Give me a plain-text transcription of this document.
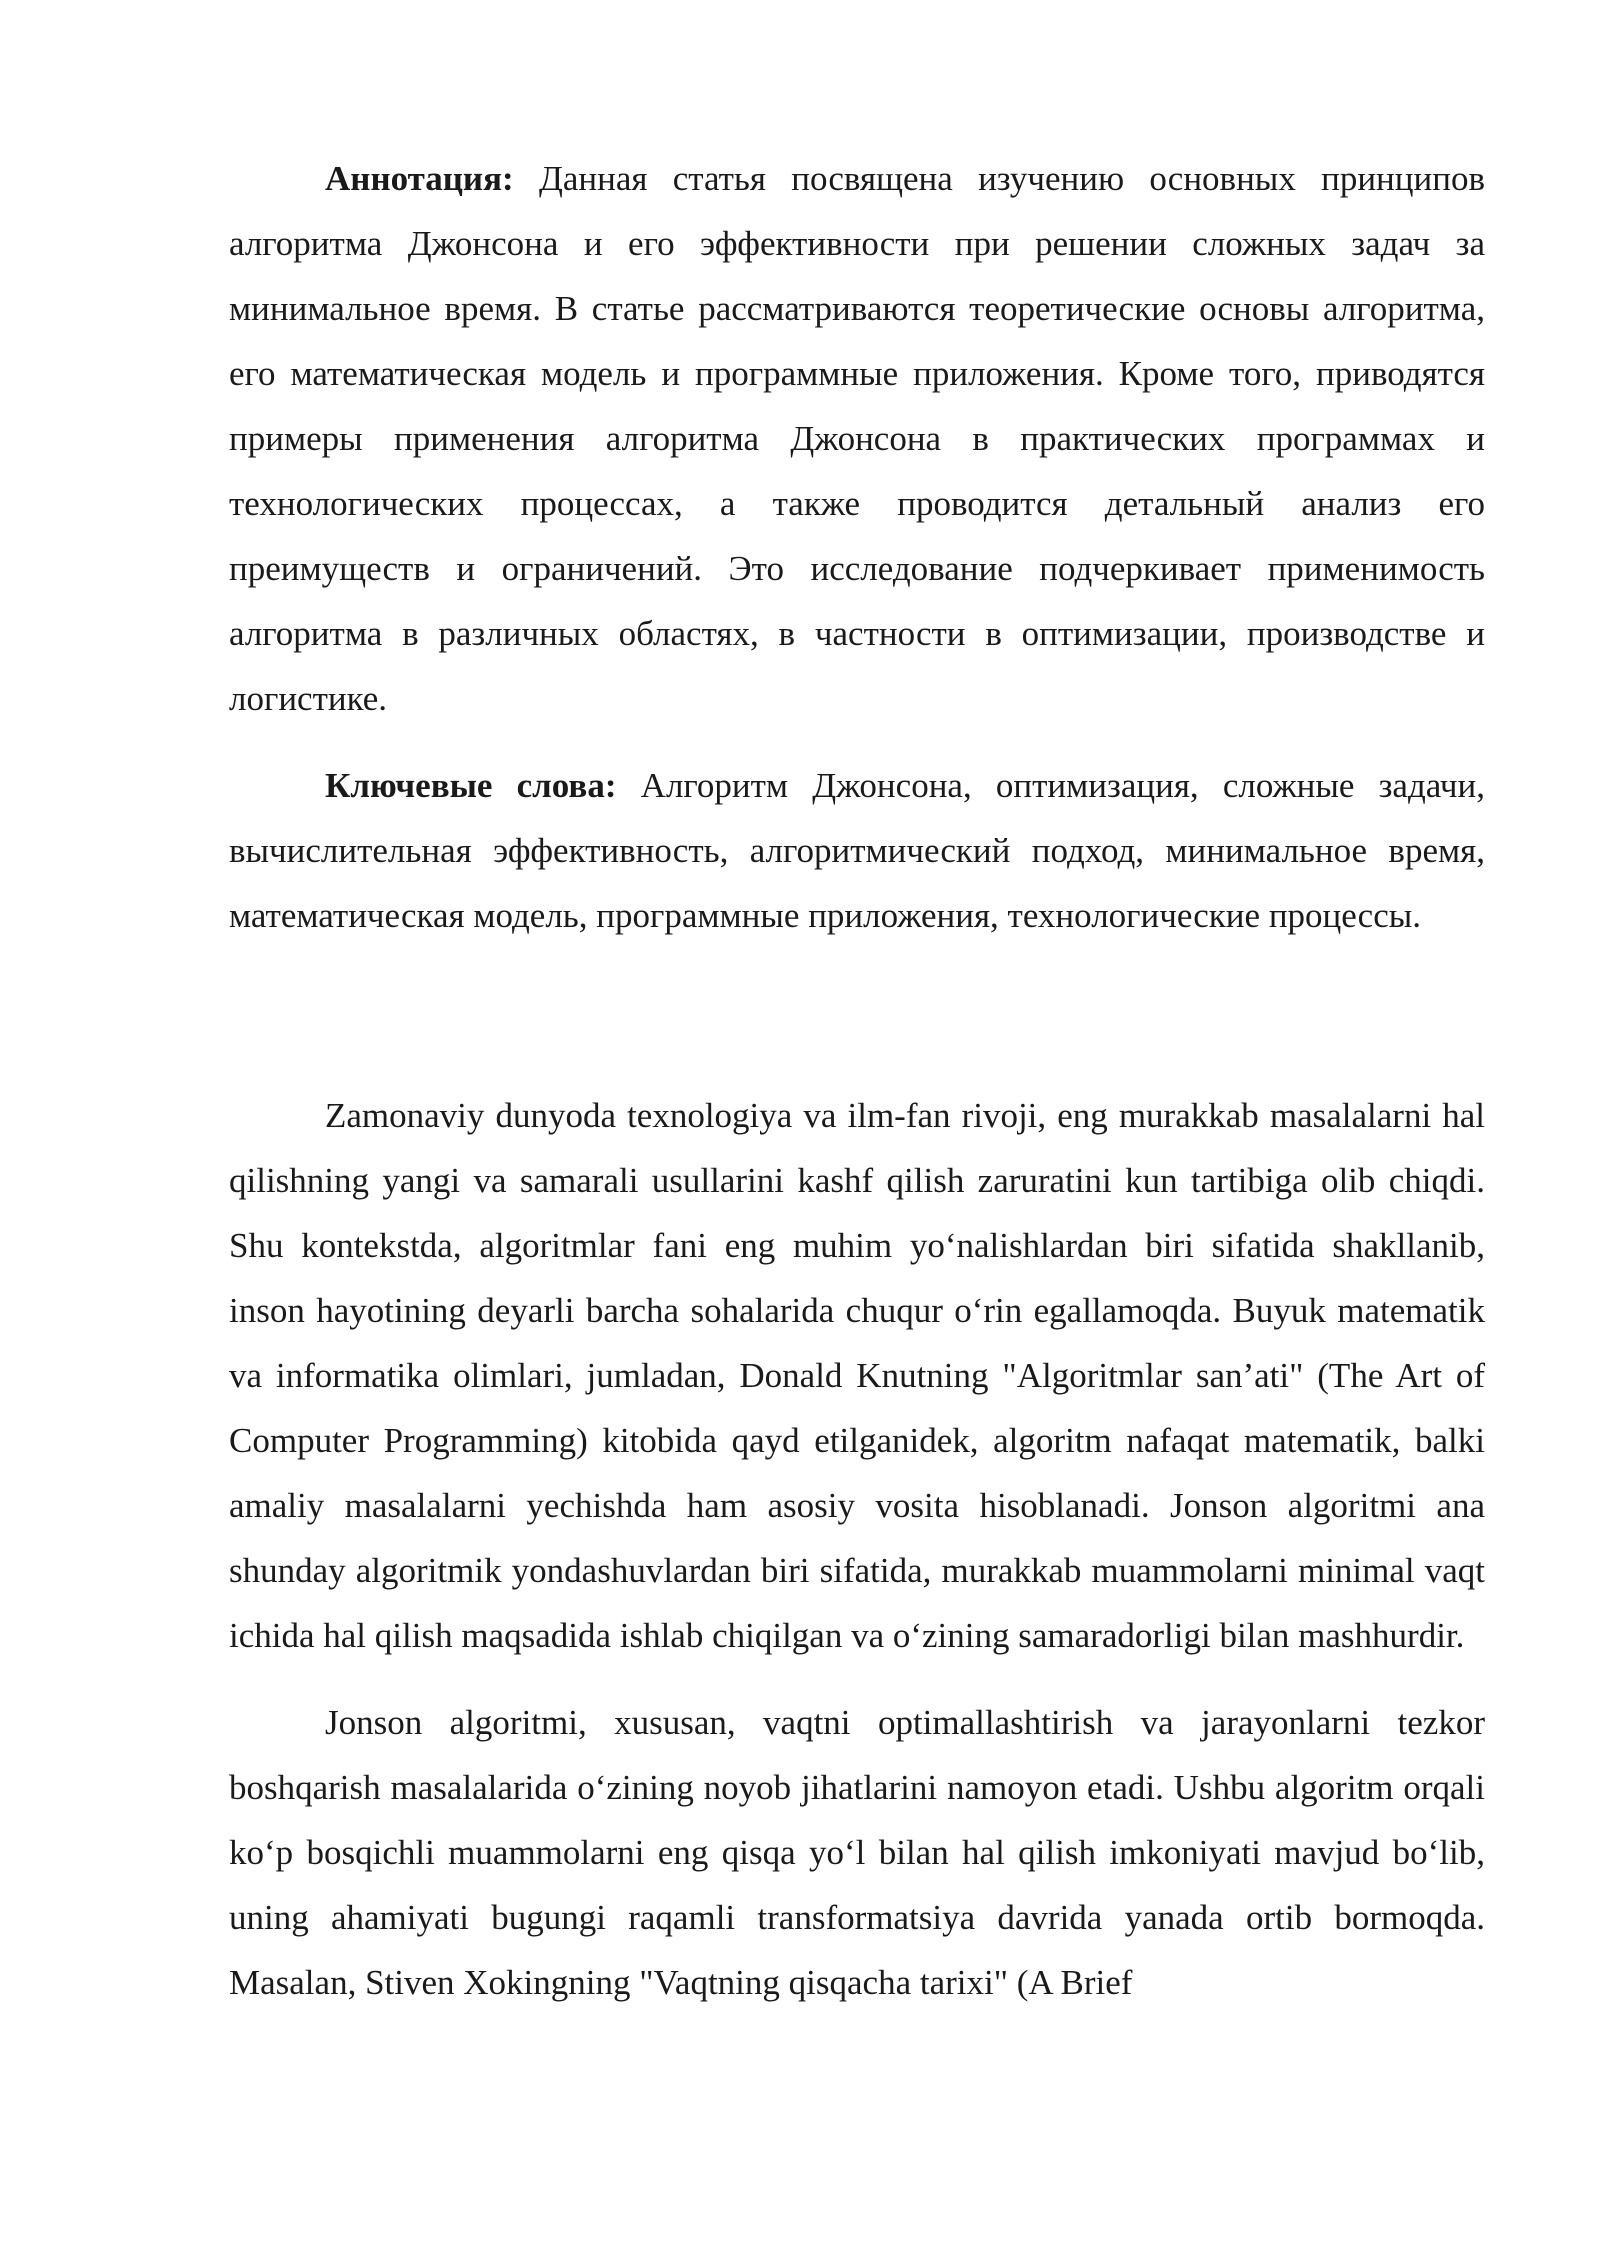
Аннотация: Данная статья посвящена изучению основных принципов алгоритма Джонсона и его эффективности при решении сложных задач за минимальное время. В статье рассматриваются теоретические основы алгоритма, его математическая модель и программные приложения. Кроме того, приводятся примеры применения алгоритма Джонсона в практических программах и технологических процессах, а также проводится детальный анализ его преимуществ и ограничений. Это исследование подчеркивает применимость алгоритма в различных областях, в частности в оптимизации, производстве и логистике.

Ключевые слова: Алгоритм Джонсона, оптимизация, сложные задачи, вычислительная эффективность, алгоритмический подход, минимальное время, математическая модель, программные приложения, технологические процессы.

Zamonaviy dunyoda texnologiya va ilm-fan rivoji, eng murakkab masalalarni hal qilishning yangi va samarali usullarini kashf qilish zaruratini kun tartibiga olib chiqdi. Shu kontekstda, algoritmlar fani eng muhim yoʻnalishlardan biri sifatida shakllanib, inson hayotining deyarli barcha sohalarida chuqur oʻrin egallamoqda. Buyuk matematik va informatika olimlari, jumladan, Donald Knutning "Algoritmlar san’ati" (The Art of Computer Programming) kitobida qayd etilganidek, algoritm nafaqat matematik, balki amaliy masalalarni yechishda ham asosiy vosita hisoblanadi. Jonson algoritmi ana shunday algoritmik yondashuvlardan biri sifatida, murakkab muammolarni minimal vaqt ichida hal qilish maqsadida ishlab chiqilgan va oʻzining samaradorligi bilan mashhurdir.

Jonson algoritmi, xususan, vaqtni optimallashtirish va jarayonlarni tezkor boshqarish masalalarida oʻzining noyob jihatlarini namoyon etadi. Ushbu algoritm orqali koʻp bosqichli muammolarni eng qisqa yoʻl bilan hal qilish imkoniyati mavjud boʻlib, uning ahamiyati bugungi raqamli transformatsiya davrida yanada ortib bormoqda. Masalan, Stiven Xokingning "Vaqtning qisqacha tarixi" (A Brief
